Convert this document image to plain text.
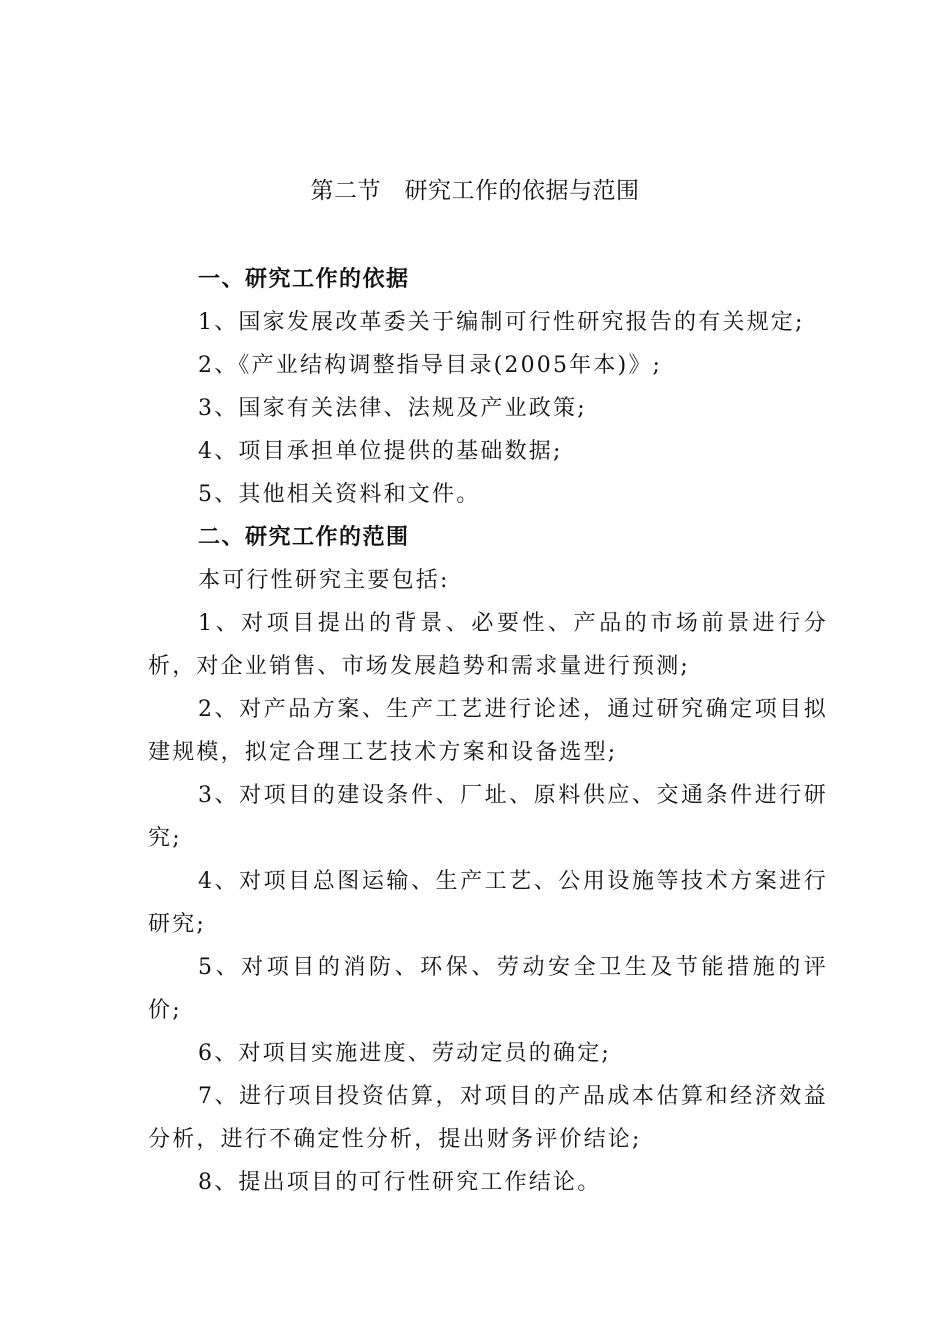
第二节　研究工作的依据与范围

一、研究工作的依据

1、国家发展改革委关于编制可行性研究报告的有关规定;

2、《产业结构调整指导目录(2005年本)》;

3、国家有关法律、法规及产业政策;

4、项目承担单位提供的基础数据;

5、其他相关资料和文件。

二、研究工作的范围

本可行性研究主要包括:

1、对项目提出的背景、必要性、产品的市场前景进行分析，对企业销售、市场发展趋势和需求量进行预测;

2、对产品方案、生产工艺进行论述，通过研究确定项目拟建规模，拟定合理工艺技术方案和设备选型;

3、对项目的建设条件、厂址、原料供应、交通条件进行研究;

4、对项目总图运输、生产工艺、公用设施等技术方案进行研究;

5、对项目的消防、环保、劳动安全卫生及节能措施的评价;

6、对项目实施进度、劳动定员的确定;

7、进行项目投资估算，对项目的产品成本估算和经济效益分析，进行不确定性分析，提出财务评价结论;

8、提出项目的可行性研究工作结论。
